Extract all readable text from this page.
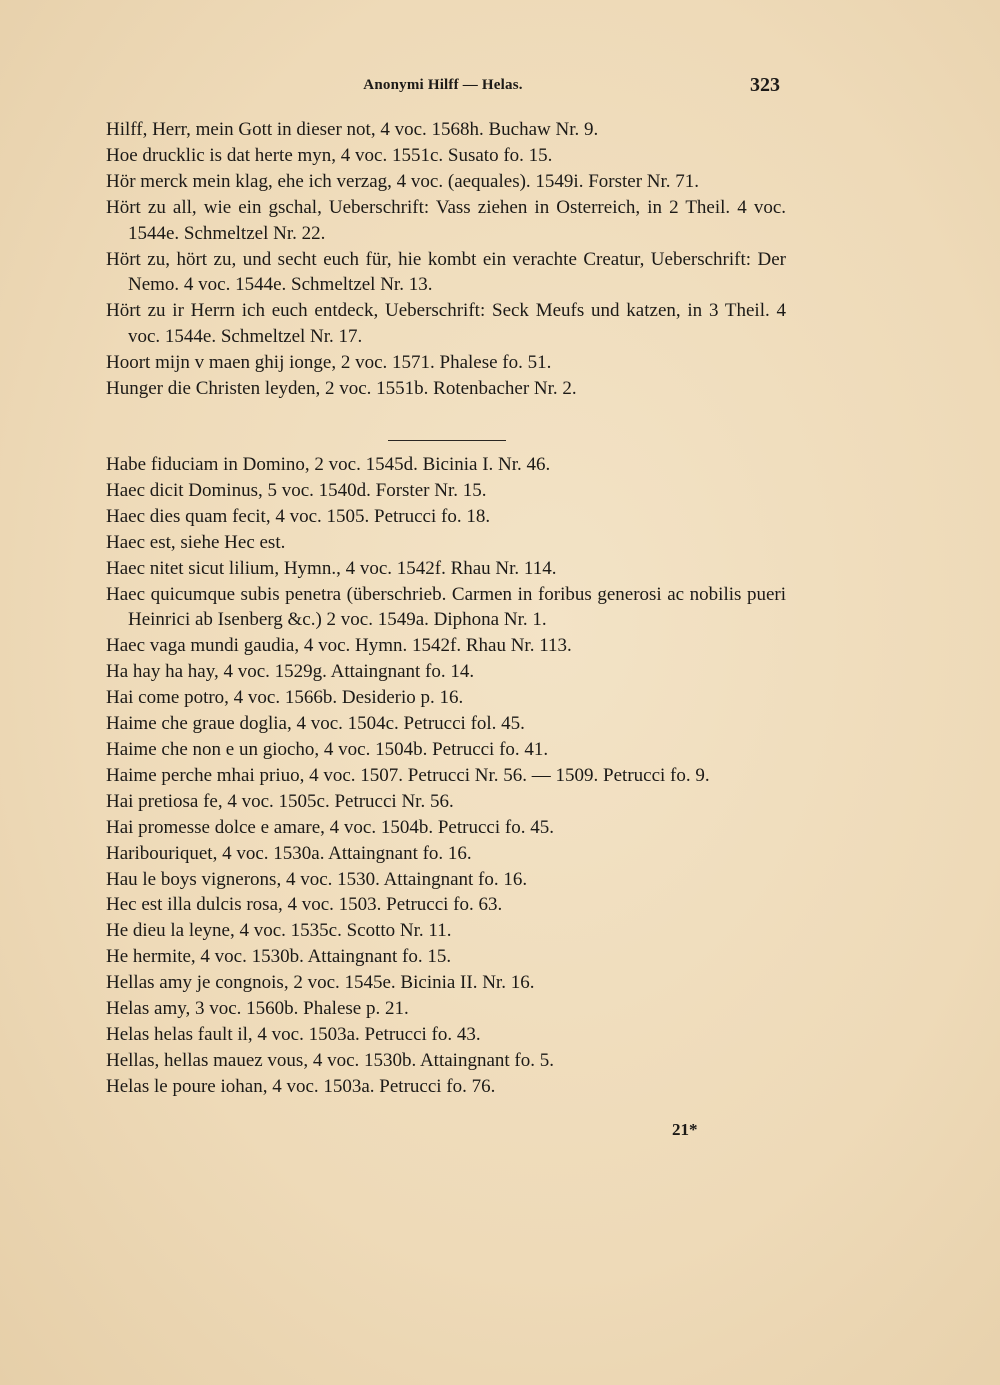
Anonymi Hilff — Helas.	323
Hilff, Herr, mein Gott in dieser not, 4 voc. 1568h. Buchaw Nr. 9.
Hoe drucklic is dat herte myn, 4 voc. 1551c. Susato fo. 15.
Hör merck mein klag, ehe ich verzag, 4 voc. (aequales). 1549i. Forster Nr. 71.
Hört zu all, wie ein gschal, Ueberschrift: Vass ziehen in Osterreich, in 2 Theil. 4 voc. 1544e. Schmeltzel Nr. 22.
Hört zu, hört zu, und secht euch für, hie kombt ein verachte Creatur, Ueberschrift: Der Nemo. 4 voc. 1544e. Schmeltzel Nr. 13.
Hört zu ir Herrn ich euch entdeck, Ueberschrift: Seck Meufs und katzen, in 3 Theil. 4 voc. 1544e. Schmeltzel Nr. 17.
Hoort mijn v maen ghij ionge, 2 voc. 1571. Phalese fo. 51.
Hunger die Christen leyden, 2 voc. 1551b. Rotenbacher Nr. 2.
Habe fiduciam in Domino, 2 voc. 1545d. Bicinia I. Nr. 46.
Haec dicit Dominus, 5 voc. 1540d. Forster Nr. 15.
Haec dies quam fecit, 4 voc. 1505. Petrucci fo. 18.
Haec est, siehe Hec est.
Haec nitet sicut lilium, Hymn., 4 voc. 1542f. Rhau Nr. 114.
Haec quicumque subis penetra (überschrieb. Carmen in foribus generosi ac nobilis pueri Heinrici ab Isenberg &c.) 2 voc. 1549a. Diphona Nr. 1.
Haec vaga mundi gaudia, 4 voc. Hymn. 1542f. Rhau Nr. 113.
Ha hay ha hay, 4 voc. 1529g. Attaingnant fo. 14.
Hai come potro, 4 voc. 1566b. Desiderio p. 16.
Haime che graue doglia, 4 voc. 1504c. Petrucci fol. 45.
Haime che non e un giocho, 4 voc. 1504b. Petrucci fo. 41.
Haime perche mhai priuo, 4 voc. 1507. Petrucci Nr. 56. — 1509. Petrucci fo. 9.
Hai pretiosa fe, 4 voc. 1505c. Petrucci Nr. 56.
Hai promesse dolce e amare, 4 voc. 1504b. Petrucci fo. 45.
Haribouriquet, 4 voc. 1530a. Attaingnant fo. 16.
Hau le boys vignerons, 4 voc. 1530. Attaingnant fo. 16.
Hec est illa dulcis rosa, 4 voc. 1503. Petrucci fo. 63.
He dieu la leyne, 4 voc. 1535c. Scotto Nr. 11.
He hermite, 4 voc. 1530b. Attaingnant fo. 15.
Hellas amy je congnois, 2 voc. 1545e. Bicinia II. Nr. 16.
Helas amy, 3 voc. 1560b. Phalese p. 21.
Helas helas fault il, 4 voc. 1503a. Petrucci fo. 43.
Hellas, hellas mauez vous, 4 voc. 1530b. Attaingnant fo. 5.
Helas le poure iohan, 4 voc. 1503a. Petrucci fo. 76.
21*
